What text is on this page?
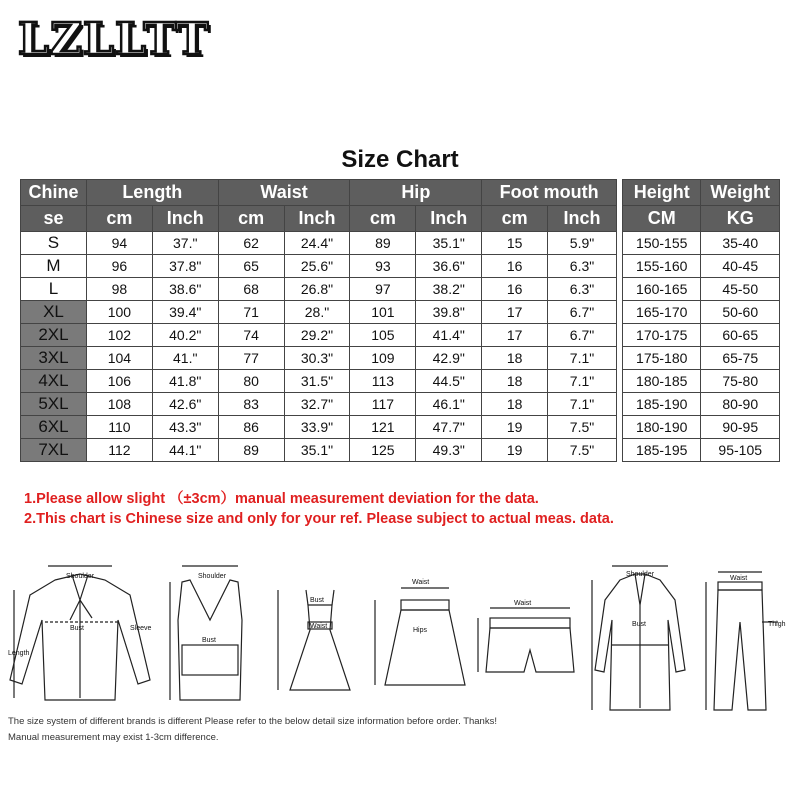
LZLLTT
Size Chart
Chine	Length		Waist		Hip		Foot mouth	
se	cm	Inch	cm	Inch	cm	Inch	cm	Inch
S	94	37."	62	24.4"	89	35.1"	15	5.9"
M	96	37.8"	65	25.6"	93	36.6"	16	6.3"
L	98	38.6"	68	26.8"	97	38.2"	16	6.3"
XL	100	39.4"	71	28."	101	39.8"	17	6.7"
2XL	102	40.2"	74	29.2"	105	41.4"	17	6.7"
3XL	104	41."	77	30.3"	109	42.9"	18	7.1"
4XL	106	41.8"	80	31.5"	113	44.5"	18	7.1"
5XL	108	42.6"	83	32.7"	117	46.1"	18	7.1"
6XL	110	43.3"	86	33.9"	121	47.7"	19	7.5"
7XL	112	44.1"	89	35.1"	125	49.3"	19	7.5"
Height	Weight
CM	KG
150-155	35-40
155-160	40-45
160-165	45-50
165-170	50-60
170-175	60-65
175-180	65-75
180-185	75-80
185-190	80-90
180-190	90-95
185-195	95-105
1.Please allow slight （±3cm）manual measurement deviation for the data.
2.This chart is Chinese size and only for your ref. Please subject to actual meas. data.
Shoulder
Bust	Sleeve
Length
Shoulder
Bust
Bust
Waist
Waist
Hips
Waist
Shoulder
Bust
Waist
Thigh
The size system of different brands is different Please refer to the below detail size information before order. Thanks!
Manual measurement may exist 1-3cm difference.
